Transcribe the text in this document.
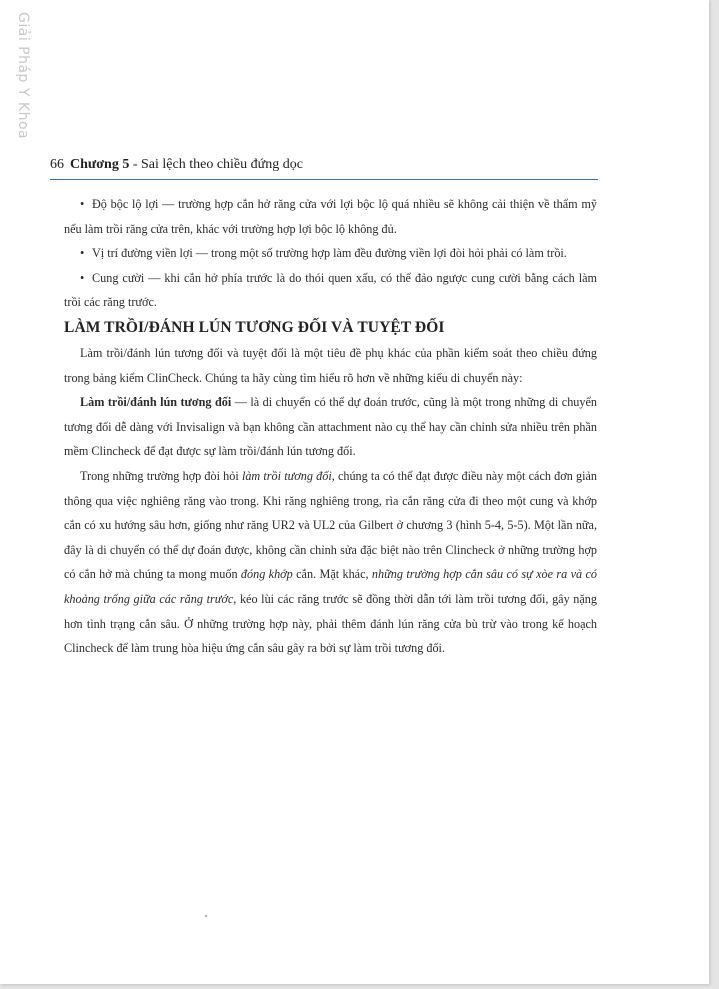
Giải Pháp Y Khoa
66 Chương 5 - Sai lệch theo chiều đứng dọc

• Độ bộc lộ lợi — trường hợp cắn hở răng cửa với lợi bộc lộ quá nhiều sẽ không cải thiện về thẩm mỹ nếu làm trồi răng cửa trên, khác với trường hợp lợi bộc lộ không đủ.

• Vị trí đường viền lợi — trong một số trường hợp làm đều đường viền lợi đòi hỏi phải có làm trồi.

• Cung cười — khi cắn hở phía trước là do thói quen xấu, có thể đảo ngược cung cười bằng cách làm trồi các răng trước.

LÀM TRỒI/ĐÁNH LÚN TƯƠNG ĐỐI VÀ TUYỆT ĐỐI

Làm trồi/đánh lún tương đối và tuyệt đối là một tiêu đề phụ khác của phần kiểm soát theo chiều đứng trong bảng kiểm ClinCheck. Chúng ta hãy cùng tìm hiểu rõ hơn về những kiểu di chuyển này:

Làm trồi/đánh lún tương đối — là di chuyển có thể dự đoán trước, cũng là một trong những di chuyển tương đối dễ dàng với Invisalign và bạn không cần attachment nào cụ thể hay cần chỉnh sửa nhiều trên phần mềm Clincheck để đạt được sự làm trồi/đánh lún tương đối.

Trong những trường hợp đòi hỏi làm trồi tương đối, chúng ta có thể đạt được điều này một cách đơn giản thông qua việc nghiêng răng vào trong. Khi răng nghiêng trong, rìa cắn răng cửa đi theo một cung và khớp cắn có xu hướng sâu hơn, giống như răng UR2 và UL2 của Gilbert ở chương 3 (hình 5-4, 5-5). Một lần nữa, đây là di chuyển có thể dự đoán được, không cần chỉnh sửa đặc biệt nào trên Clincheck ở những trường hợp có cắn hở mà chúng ta mong muốn đóng khớp cắn. Mặt khác, những trường hợp cắn sâu có sự xòe ra và có khoảng trống giữa các răng trước, kéo lùi các răng trước sẽ đồng thời dẫn tới làm trồi tương đối, gây nặng hơn tình trạng cắn sâu. Ở những trường hợp này, phải thêm đánh lún răng cửa bù trừ vào trong kế hoạch Clincheck để làm trung hòa hiệu ứng cắn sâu gây ra bởi sự làm trồi tương đối.
